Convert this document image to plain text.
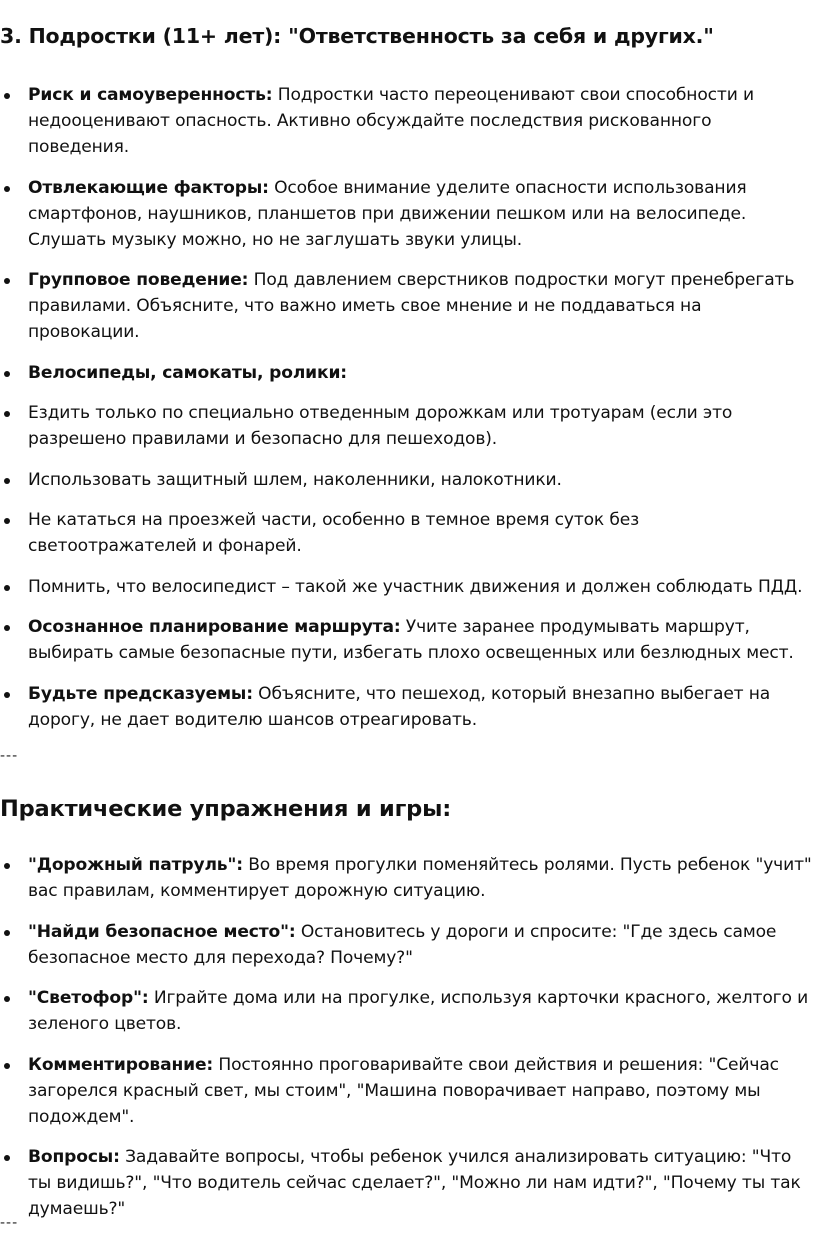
3. Подростки (11+ лет): "Ответственность за себя и других."
Риск и самоуверенность: Подростки часто переоценивают свои способности и недооценивают опасность. Активно обсуждайте последствия рискованного поведения.
Отвлекающие факторы: Особое внимание уделите опасности использования смартфонов, наушников, планшетов при движении пешком или на велосипеде. Слушать музыку можно, но не заглушать звуки улицы.
Групповое поведение: Под давлением сверстников подростки могут пренебрегать правилами. Объясните, что важно иметь свое мнение и не поддаваться на провокации.
Велосипеды, самокаты, ролики:
Ездить только по специально отведенным дорожкам или тротуарам (если это разрешено правилами и безопасно для пешеходов).
Использовать защитный шлем, наколенники, налокотники.
Не кататься на проезжей части, особенно в темное время суток без светоотражателей и фонарей.
Помнить, что велосипедист – такой же участник движения и должен соблюдать ПДД.
Осознанное планирование маршрута: Учите заранее продумывать маршрут, выбирать самые безопасные пути, избегать плохо освещенных или безлюдных мест.
Будьте предсказуемы: Объясните, что пешеход, который внезапно выбегает на дорогу, не дает водителю шансов отреагировать.
---
Практические упражнения и игры:
"Дорожный патруль": Во время прогулки поменяйтесь ролями. Пусть ребенок "учит" вас правилам, комментирует дорожную ситуацию.
"Найди безопасное место": Остановитесь у дороги и спросите: "Где здесь самое безопасное место для перехода? Почему?"
"Светофор": Играйте дома или на прогулке, используя карточки красного, желтого и зеленого цветов.
Комментирование: Постоянно проговаривайте свои действия и решения: "Сейчас загорелся красный свет, мы стоим", "Машина поворачивает направо, поэтому мы подождем".
Вопросы: Задавайте вопросы, чтобы ребенок учился анализировать ситуацию: "Что ты видишь?", "Что водитель сейчас сделает?", "Можно ли нам идти?", "Почему ты так думаешь?"
---
